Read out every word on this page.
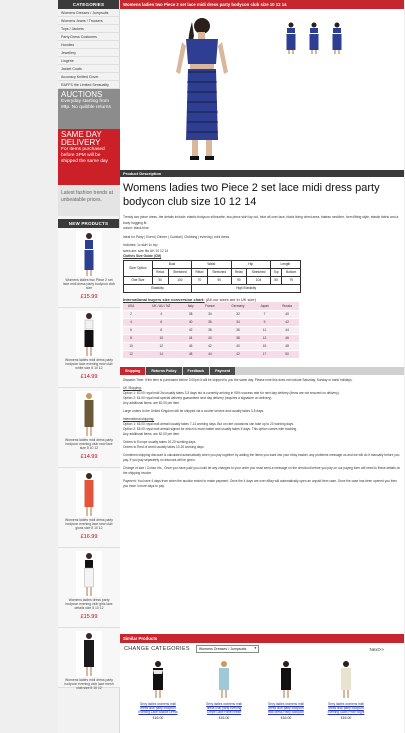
CATEGORIES
Womens Dresses / Jumpsuits
Womens Jeans / Trousers
Tops / Jackets
Party Dress Costumes
Hoodies
Jewellery
Lingerie
Jacket Coats
Accuracy Knitted Cover
RAFFS the Limited Sensuality
AUCTIONS
Everyday starting from 99p. No quibble returns
SAME DAY DELIVERY
For items purchased before 3PM will be shipped the same day
Latest fashion trends at unbeatable prices.
NEW PRODUCTS
Womens ladies two Piece 2 set lace midi dress party bodycon club size
£15.99
Womens ladies midi dress party bodycon lace evening new club white size 8 10 12
£14.99
Womens ladies midi dress party bodycon evening club new lace size 8 10 12
£14.99
Womens ladies midi dress party bodycon evening lace new club gloss size 8 10 12
£16.99
Womens ladies dress party bodycon evening club girls lace details size 8 10 12
£15.99
Womens ladies midi dress party bodycon evening club lace mesh club size 8 10 12
Womens ladies two Piece 2 set lace midi dress party bodycon club size 10 12 14
Product Description
Womens ladies two Piece 2 set lace midi dress party bodycon club size 10 12 14
Trendy two piece dress, the details include: elastic bodycon silhouette, two piece skirt lay out, blue all over lace, black lining chest area, bateau neckline, form fitting style, elastic fabric and a body hugging fit.
colour: black blue
Ideal for Party | Event | Dinner | Cocktail | Clubbing | evening | mini dress
Includes: 1x skirt 1x top
sizes are: size fits UK 10 12 14
Clothes Size Guide (CM)
Size/ Option	Bust		Waist		Hip		Length	
	Relax	Stretched	Relax	Stretched	Relax	Stretched	Top	Bottom
One Size	50	100	70	90	90	104	50	79
Elasticity			High Elasticity					
International buyers size conversion chart: (All our sizes are in UK size)
USA	UK / AU / NZ	Italy	France	Germany	Japan	Russia
2	4	38	34	32	7	40
4	6	40	36	34	9	42
6	8	42	38	36	11	44
8	10	44	40	38	13	46
10	12	46	42	40	15	48
12	14	48	44	42	17	50
Shipping	Returns Policy	Feedback	Payment

Dispatch Time: If the item is purchased before 3.00pm it will be shipped to you the same day. Please note this does not include Saturday, Sunday or bank holidays.

UK Shipping:

Option 1: £0.00 royal mail 2st usually takes 3-5 days but is currently arriving in 90% success rate for next day delivery (items are not ensured on delivery).

Option 2: £4.00 royal mail special delivery guaranteed next day delivery (requires a signature on delivery).

Any additional items, are £0.00 per item.

Large orders to the United Kingdom will be shipped via a courier service and usually takes 3-5 days.

International shipping:

Option 1: £6.00 royal mail airmail usually takes 7-14 working days. But on rare occasions can take up to 20 working days.

Option 2: £8.00 royal mail airmail signed for which is much faster and usually takes 5 days. This option comes with tracking.

Any additional items, are £0.00 per item.

Orders to Europe usually takes 10-20 working days.

Orders to Rest of world usually takes 10-20 working days.

Combined shipping discount is calculated automatically when you pay together by adding the items you want into your ebay basket, any problems message us and we will do it manually before you pay. If you pay separately no discount will be given.

Change of size / Colour etc., Once you have paid you could let any changes to your order you must send a message on the checkout before you pay on our paying form will need to these details on the shipping invoice.

Payment: You have 4 days from when the auction ended to make payment. Once the 4 days are over eBay will automatically open an unpaid item case. Once the case has been opened you then you have 4 more days to pay.

Similar Products
CHANGE CATEGORIES	Womens Dresses / Jumpsuits ▾	Next>>
Sexy ladies womens midi dress club party bodycon Evening Lace Bodice Dress
£16.00
Sexy ladies womens midi dress club party evening Crepe Lace Panel mesh
£16.00
Sexy ladies womens midi dress club party bodycon midi dress Party Bodycon
£16.00
Sexy ladies womens midi dress club party bodycon Evening Glam Prom Night
£16.00
